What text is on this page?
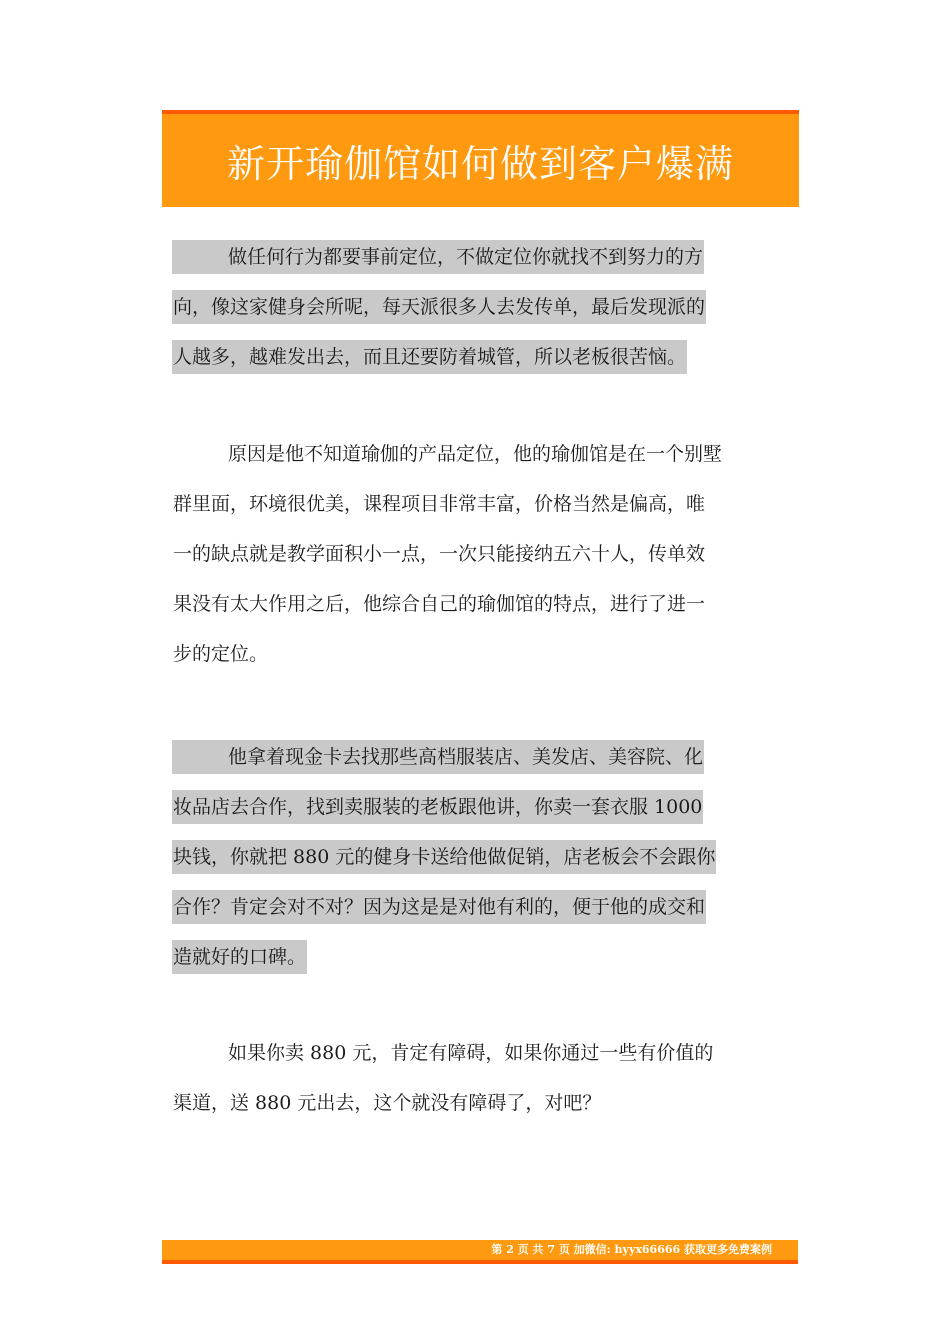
新开瑜伽馆如何做到客户爆满
做任何行为都要事前定位，不做定位你就找不到努力的方
向，像这家健身会所呢，每天派很多人去发传单，最后发现派的
人越多，越难发出去，而且还要防着城管，所以老板很苦恼。
原因是他不知道瑜伽的产品定位，他的瑜伽馆是在一个别墅
群里面，环境很优美，课程项目非常丰富，价格当然是偏高，唯
一的缺点就是教学面积小一点，一次只能接纳五六十人，传单效
果没有太大作用之后，他综合自己的瑜伽馆的特点，进行了进一
步的定位。
他拿着现金卡去找那些高档服装店、美发店、美容院、化
妆品店去合作，找到卖服装的老板跟他讲，你卖一套衣服 1000
块钱，你就把 880 元的健身卡送给他做促销，店老板会不会跟你
合作？肯定会对不对？因为这是是对他有利的，便于他的成交和
造就好的口碑。
如果你卖 880 元，肯定有障碍，如果你通过一些有价值的
渠道，送 880 元出去，这个就没有障碍了，对吧？
第 2 页 共 7 页 加微信: hyyx66666 获取更多免费案例
